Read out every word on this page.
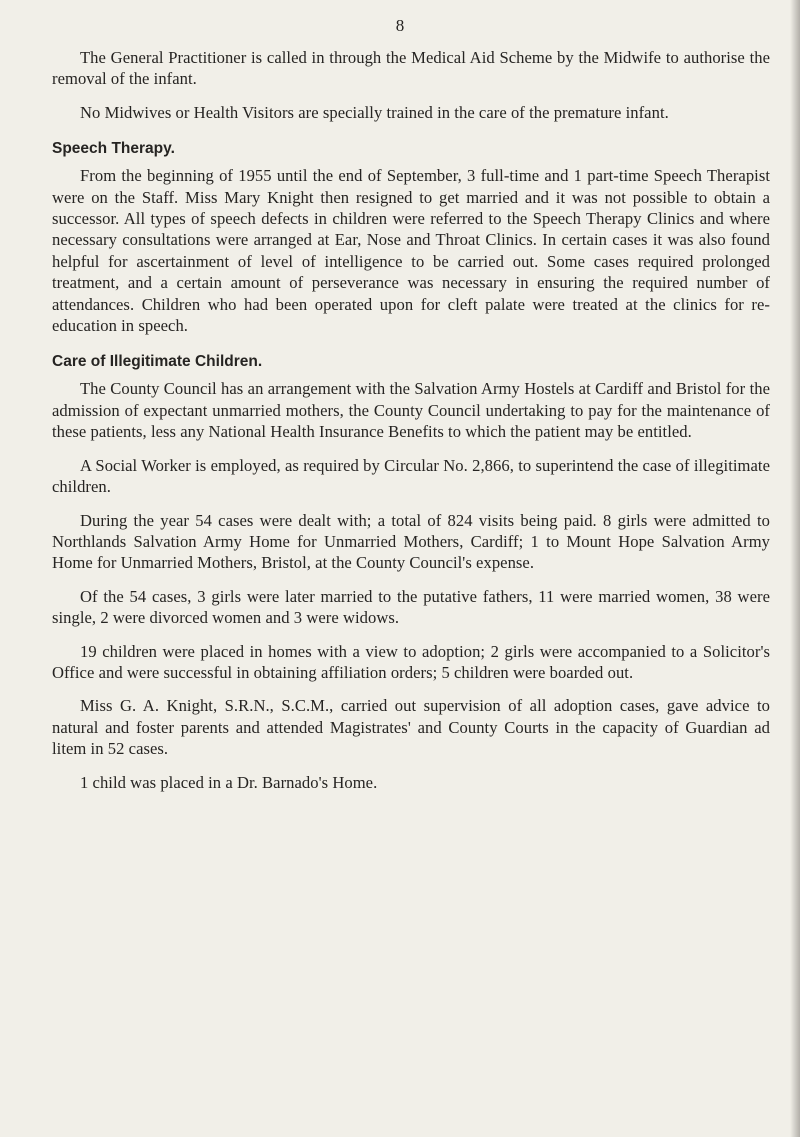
8

The General Practitioner is called in through the Medical Aid Scheme by the Midwife to authorise the removal of the infant.

No Midwives or Health Visitors are specially trained in the care of the premature infant.

Speech Therapy.

From the beginning of 1955 until the end of September, 3 full-time and 1 part-time Speech Therapist were on the Staff. Miss Mary Knight then resigned to get married and it was not possible to obtain a successor. All types of speech defects in children were referred to the Speech Therapy Clinics and where necessary consultations were arranged at Ear, Nose and Throat Clinics. In certain cases it was also found helpful for ascertainment of level of intelligence to be carried out. Some cases required prolonged treatment, and a certain amount of perseverance was necessary in ensuring the required number of attendances. Children who had been operated upon for cleft palate were treated at the clinics for re-education in speech.

Care of Illegitimate Children.

The County Council has an arrangement with the Salvation Army Hostels at Cardiff and Bristol for the admission of expectant unmarried mothers, the County Council undertaking to pay for the maintenance of these patients, less any National Health Insurance Benefits to which the patient may be entitled.

A Social Worker is employed, as required by Circular No. 2,866, to superintend the case of illegitimate children.

During the year 54 cases were dealt with; a total of 824 visits being paid. 8 girls were admitted to Northlands Salvation Army Home for Unmarried Mothers, Cardiff; 1 to Mount Hope Salvation Army Home for Unmarried Mothers, Bristol, at the County Council's expense.

Of the 54 cases, 3 girls were later married to the putative fathers, 11 were married women, 38 were single, 2 were divorced women and 3 were widows.

19 children were placed in homes with a view to adoption; 2 girls were accompanied to a Solicitor's Office and were successful in obtaining affiliation orders; 5 children were boarded out.

Miss G. A. Knight, S.R.N., S.C.M., carried out supervision of all adoption cases, gave advice to natural and foster parents and attended Magistrates' and County Courts in the capacity of Guardian ad litem in 52 cases.

1 child was placed in a Dr. Barnado's Home.
